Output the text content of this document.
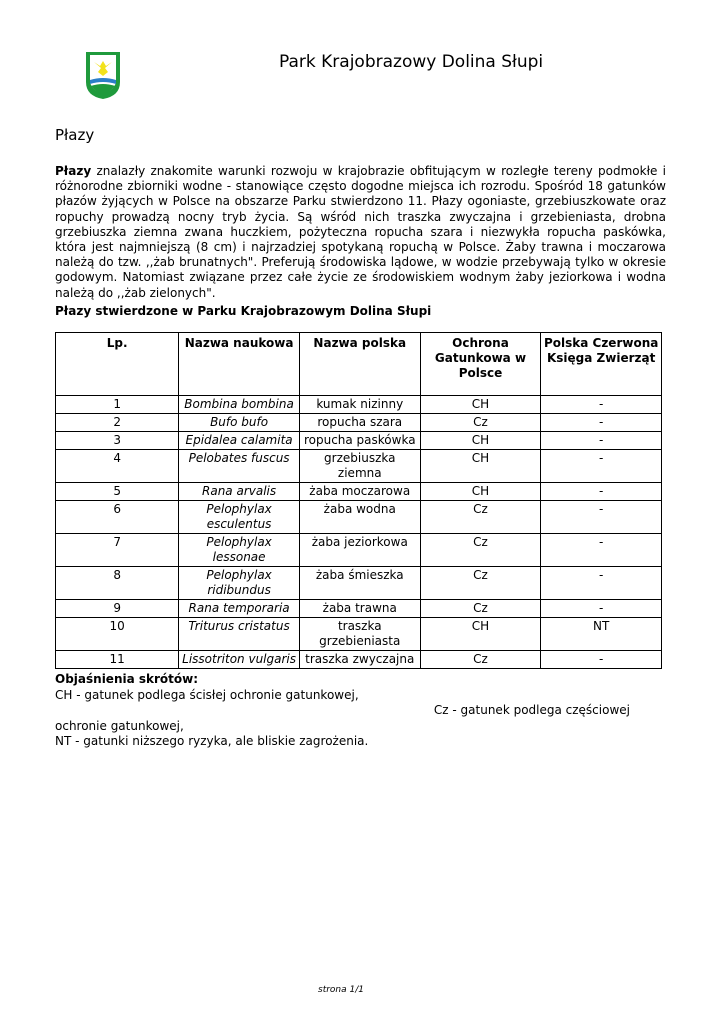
Park Krajobrazowy Dolina Słupi
Płazy
Płazy znalazły znakomite warunki rozwoju w krajobrazie obfitującym w rozległe tereny podmokłe i różnorodne zbiorniki wodne - stanowiące często dogodne miejsca ich rozrodu. Spośród 18 gatunków płazów żyjących w Polsce na obszarze Parku stwierdzono 11. Płazy ogoniaste, grzebiuszkowate oraz ropuchy prowadzą nocny tryb życia. Są wśród nich traszka zwyczajna i grzebieniasta, drobna grzebiuszka ziemna zwana huczkiem, pożyteczna ropucha szara i niezwykła ropucha paskówka, która jest najmniejszą (8 cm) i najrzadziej spotykaną ropuchą w Polsce. Żaby trawna i moczarowa należą do tzw. ,,żab brunatnych". Preferują środowiska lądowe, w wodzie przebywają tylko w okresie godowym. Natomiast związane przez całe życie ze środowiskiem wodnym żaby jeziorkowa i wodna należą do ,,żab zielonych".
Płazy stwierdzone w Parku Krajobrazowym Dolina Słupi
Lp.	Nazwa naukowa	Nazwa polska	Ochrona Gatunkowa w Polsce	Polska Czerwona Księga Zwierząt
1	Bombina bombina	kumak nizinny	CH	-
2	Bufo bufo	ropucha szara	Cz	-
3	Epidalea calamita	ropucha paskówka	CH	-
4	Pelobates fuscus	grzebiuszka ziemna	CH	-
5	Rana arvalis	żaba moczarowa	CH	-
6	Pelophylax esculentus	żaba wodna	Cz	-
7	Pelophylax lessonae	żaba jeziorkowa	Cz	-
8	Pelophylax ridibundus	żaba śmieszka	Cz	-
9	Rana temporaria	żaba trawna	Cz	-
10	Triturus cristatus	traszka grzebieniasta	CH	NT
11	Lissotriton vulgaris	traszka zwyczajna	Cz	-
Objaśnienia skrótów:
CH - gatunek podlega ścisłej ochronie gatunkowej,
Cz - gatunek podlega częściowej
ochronie gatunkowej,
NT - gatunki niższego ryzyka, ale bliskie zagrożenia.
strona 1/1
